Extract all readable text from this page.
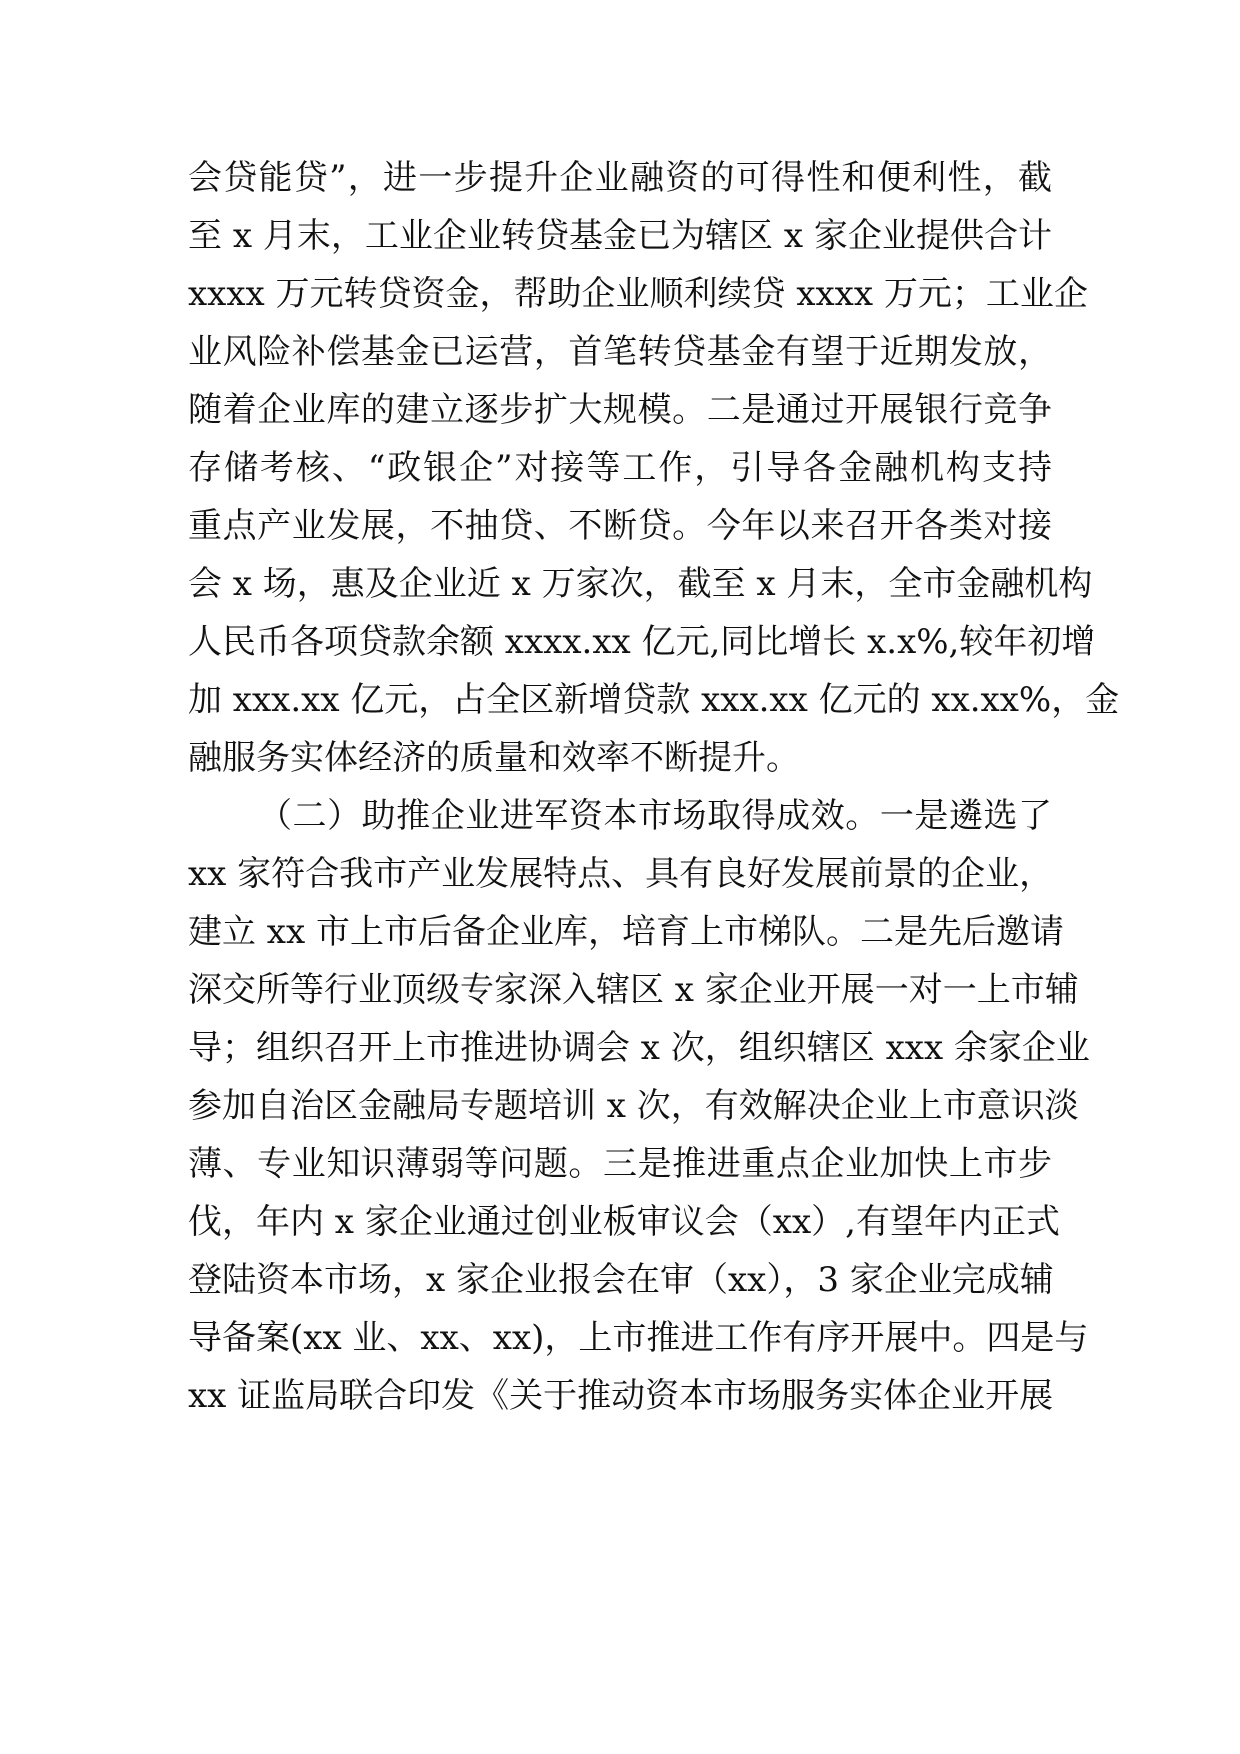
会贷能贷”，进一步提升企业融资的可得性和便利性，截
至 x 月末，工业企业转贷基金已为辖区 x 家企业提供合计
xxxx 万元转贷资金，帮助企业顺利续贷 xxxx 万元；工业企
业风险补偿基金已运营，首笔转贷基金有望于近期发放，
随着企业库的建立逐步扩大规模。二是通过开展银行竞争
存储考核、“政银企”对接等工作，引导各金融机构支持
重点产业发展，不抽贷、不断贷。今年以来召开各类对接
会 x 场，惠及企业近 x 万家次，截至 x 月末，全市金融机构
人民币各项贷款余额 xxxx.xx 亿元,同比增长 x.x%,较年初增
加 xxx.xx 亿元，占全区新增贷款 xxx.xx 亿元的 xx.xx%，金
融服务实体经济的质量和效率不断提升。
（二）助推企业进军资本市场取得成效。一是遴选了
xx 家符合我市产业发展特点、具有良好发展前景的企业，
建立 xx 市上市后备企业库，培育上市梯队。二是先后邀请
深交所等行业顶级专家深入辖区 x 家企业开展一对一上市辅
导；组织召开上市推进协调会 x 次，组织辖区 xxx 余家企业
参加自治区金融局专题培训 x 次，有效解决企业上市意识淡
薄、专业知识薄弱等问题。三是推进重点企业加快上市步
伐，年内 x 家企业通过创业板审议会（xx）,有望年内正式
登陆资本市场，x 家企业报会在审（xx），3 家企业完成辅
导备案(xx 业、xx、xx)，上市推进工作有序开展中。四是与
xx 证监局联合印发《关于推动资本市场服务实体企业开展
